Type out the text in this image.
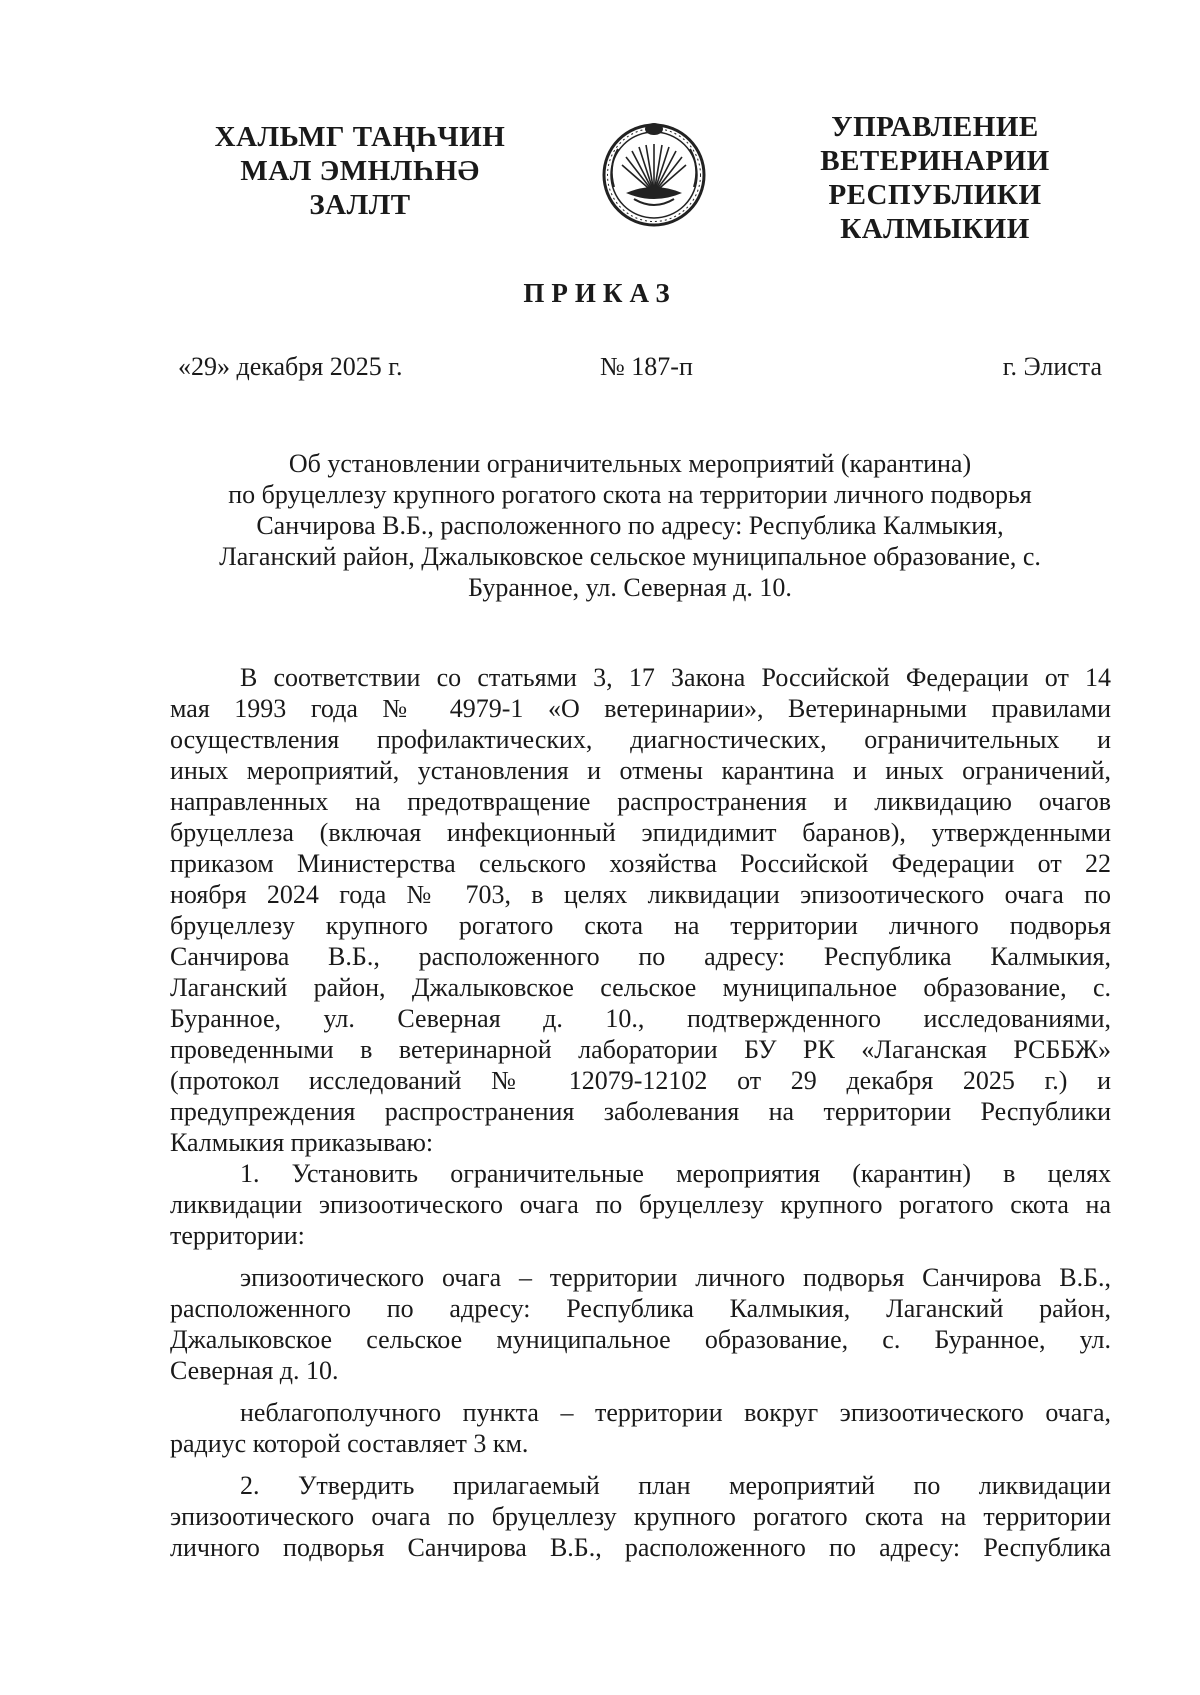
ХАЛЬМГ ТАҢҺЧИН
МАЛ ЭМНЛҺНӘ
ЗАЛЛТ
УПРАВЛЕНИЕ
ВЕТЕРИНАРИИ
РЕСПУБЛИКИ
КАЛМЫКИИ
ПРИКАЗ
«29» декабря 2025 г.	№ 187-п	г. Элиста
Об установлении ограничительных мероприятий (карантина)
по бруцеллезу крупного рогатого скота на территории личного подворья
Санчирова В.Б., расположенного по адресу: Республика Калмыкия,
Лаганский район, Джалыковское сельское муниципальное образование, с.
Буранное, ул. Северная д. 10.
В соответствии со статьями 3, 17 Закона Российской Федерации от 14
мая 1993 года № 4979-1 «О ветеринарии», Ветеринарными правилами
осуществления профилактических, диагностических, ограничительных и
иных мероприятий, установления и отмены карантина и иных ограничений,
направленных на предотвращение распространения и ликвидацию очагов
бруцеллеза (включая инфекционный эпидидимит баранов), утвержденными
приказом Министерства сельского хозяйства Российской Федерации от 22
ноября 2024 года № 703, в целях ликвидации эпизоотического очага по
бруцеллезу крупного рогатого скота на территории личного подворья
Санчирова В.Б., расположенного по адресу: Республика Калмыкия,
Лаганский район, Джалыковское сельское муниципальное образование, с.
Буранное, ул. Северная д. 10., подтвержденного исследованиями,
проведенными в ветеринарной лаборатории БУ РК «Лаганская РСББЖ»
(протокол исследований № 12079-12102 от 29 декабря 2025 г.) и
предупреждения распространения заболевания на территории Республики
Калмыкия приказываю:
1. Установить ограничительные мероприятия (карантин) в целях
ликвидации эпизоотического очага по бруцеллезу крупного рогатого скота на
территории:
эпизоотического очага – территории личного подворья Санчирова В.Б.,
расположенного по адресу: Республика Калмыкия, Лаганский район,
Джалыковское сельское муниципальное образование, с. Буранное, ул.
Северная д. 10.
неблагополучного пункта – территории вокруг эпизоотического очага,
радиус которой составляет 3 км.
2. Утвердить прилагаемый план мероприятий по ликвидации
эпизоотического очага по бруцеллезу крупного рогатого скота на территории
личного подворья Санчирова В.Б., расположенного по адресу: Республика
